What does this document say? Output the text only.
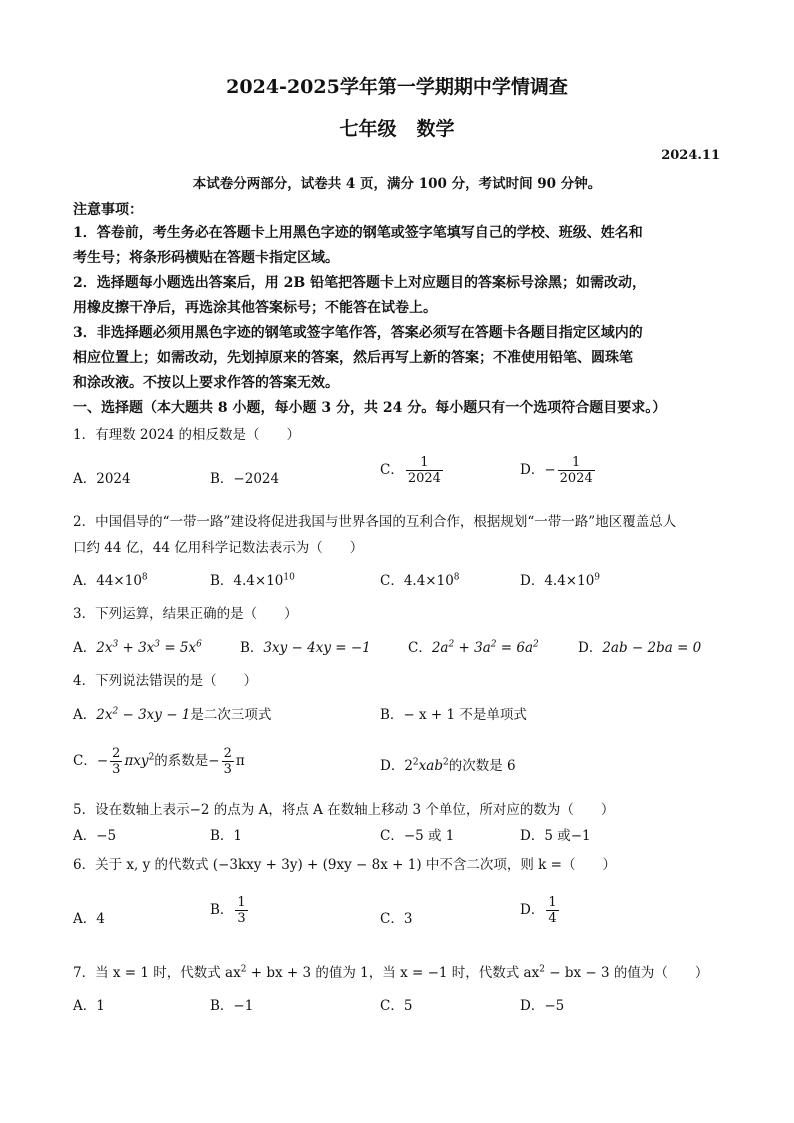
2024-2025学年第一学期期中学情调查
七年级 数学
2024.11
本试卷分两部分，试卷共 4 页，满分 100 分，考试时间 90 分钟。
注意事项：
1．答卷前，考生务必在答题卡上用黑色字迹的钢笔或签字笔填写自己的学校、班级、姓名和
考生号；将条形码横贴在答题卡指定区域。
2．选择题每小题选出答案后，用 2B 铅笔把答题卡上对应题目的答案标号涂黑；如需改动，
用橡皮擦干净后，再选涂其他答案标号；不能答在试卷上。
3．非选择题必须用黑色字迹的钢笔或签字笔作答，答案必须写在答题卡各题目指定区域内的
相应位置上；如需改动，先划掉原来的答案，然后再写上新的答案；不准使用铅笔、圆珠笔
和涂改液。不按以上要求作答的答案无效。
一、选择题（本大题共 8 小题，每小题 3 分，共 24 分。每小题只有一个选项符合题目要求。）
1．有理数 2024 的相反数是（　　）
A．2024	B．−2024
C． $\frac{1}{2024}$	D．− $\frac{1}{2024}$
2．中国倡导的“一带一路”建设将促进我国与世界各国的互利合作，根据规划“一带一路”地区覆盖总人
口约 44 亿，44 亿用科学记数法表示为（　　）
A．$44\times 10^8$	B．$4.4\times 10^{10}$	C．$4.4\times 10^8$	D．$4.4\times 10^9$
3．下列运算，结果正确的是（　　）
A．$2x^3 + 3x^3 = 5x^6$	B．3xy − 4xy = −1	C．$2a^2 + 3a^2 = 6a^2$	D．2ab − 2ba = 0
4．下列说法错误的是（　　）
A．$2x^2 - 3xy - 1$是二次三项式	B．− x + 1 不是单项式
C．− $\frac{2}{3} \pi xy^2$的系数是− $\frac{2}{3}$ π	D．$2^2xab^2$的次数是 6
5．设在数轴上表示−2 的点为 A，将点 A 在数轴上移动 3 个单位，所对应的数为（　　）
A．−5	B．1	C．−5 或 1	D．5 或−1
6．关于 x, y 的代数式 (−3kxy + 3y) + (9xy − 8x + 1) 中不含二次项，则 k =（　　）
A．4
B． $\frac{1}{3}$	C．3
D． $\frac{1}{4}$
7．当 x = 1 时，代数式 $ax^2$ + bx + 3 的值为 1，当 x = −1 时，代数式 $ax^2$ − bx − 3 的值为（　　）
A．1	B．−1	C．5	D．−5
